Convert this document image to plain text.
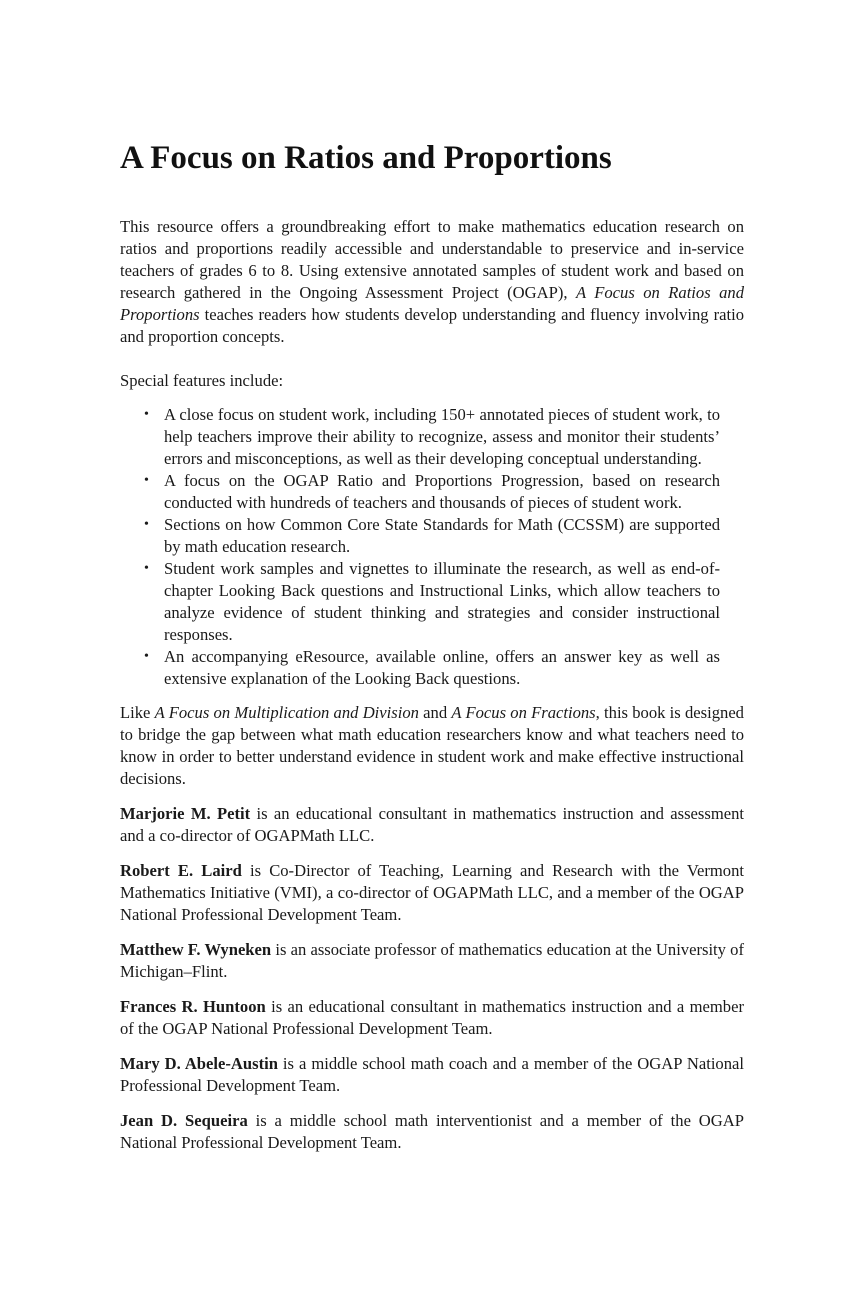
A Focus on Ratios and Proportions

This resource offers a groundbreaking effort to make mathematics education research on ratios and proportions readily accessible and understandable to preservice and in-service teachers of grades 6 to 8. Using extensive annotated samples of student work and based on research gathered in the Ongoing Assessment Project (OGAP), A Focus on Ratios and Proportions teaches readers how students develop understanding and fluency involving ratio and proportion concepts.

Special features include:

• A close focus on student work, including 150+ annotated pieces of student work, to help teachers improve their ability to recognize, assess and monitor their students’ errors and misconceptions, as well as their developing conceptual understanding.
• A focus on the OGAP Ratio and Proportions Progression, based on research conducted with hundreds of teachers and thousands of pieces of student work.
• Sections on how Common Core State Standards for Math (CCSSM) are supported by math education research.
• Student work samples and vignettes to illuminate the research, as well as end-of-chapter Looking Back questions and Instructional Links, which allow teachers to analyze evidence of student thinking and strategies and consider instructional responses.
• An accompanying eResource, available online, offers an answer key as well as extensive explanation of the Looking Back questions.

Like A Focus on Multiplication and Division and A Focus on Fractions, this book is designed to bridge the gap between what math education researchers know and what teachers need to know in order to better understand evidence in student work and make effective instructional decisions.

Marjorie M. Petit is an educational consultant in mathematics instruction and assessment and a co-director of OGAPMath LLC.

Robert E. Laird is Co-Director of Teaching, Learning and Research with the Vermont Mathematics Initiative (VMI), a co-director of OGAPMath LLC, and a member of the OGAP National Professional Development Team.

Matthew F. Wyneken is an associate professor of mathematics education at the University of Michigan–Flint.

Frances R. Huntoon is an educational consultant in mathematics instruction and a member of the OGAP National Professional Development Team.

Mary D. Abele-Austin is a middle school math coach and a member of the OGAP National Professional Development Team.

Jean D. Sequeira is a middle school math interventionist and a member of the OGAP National Professional Development Team.
